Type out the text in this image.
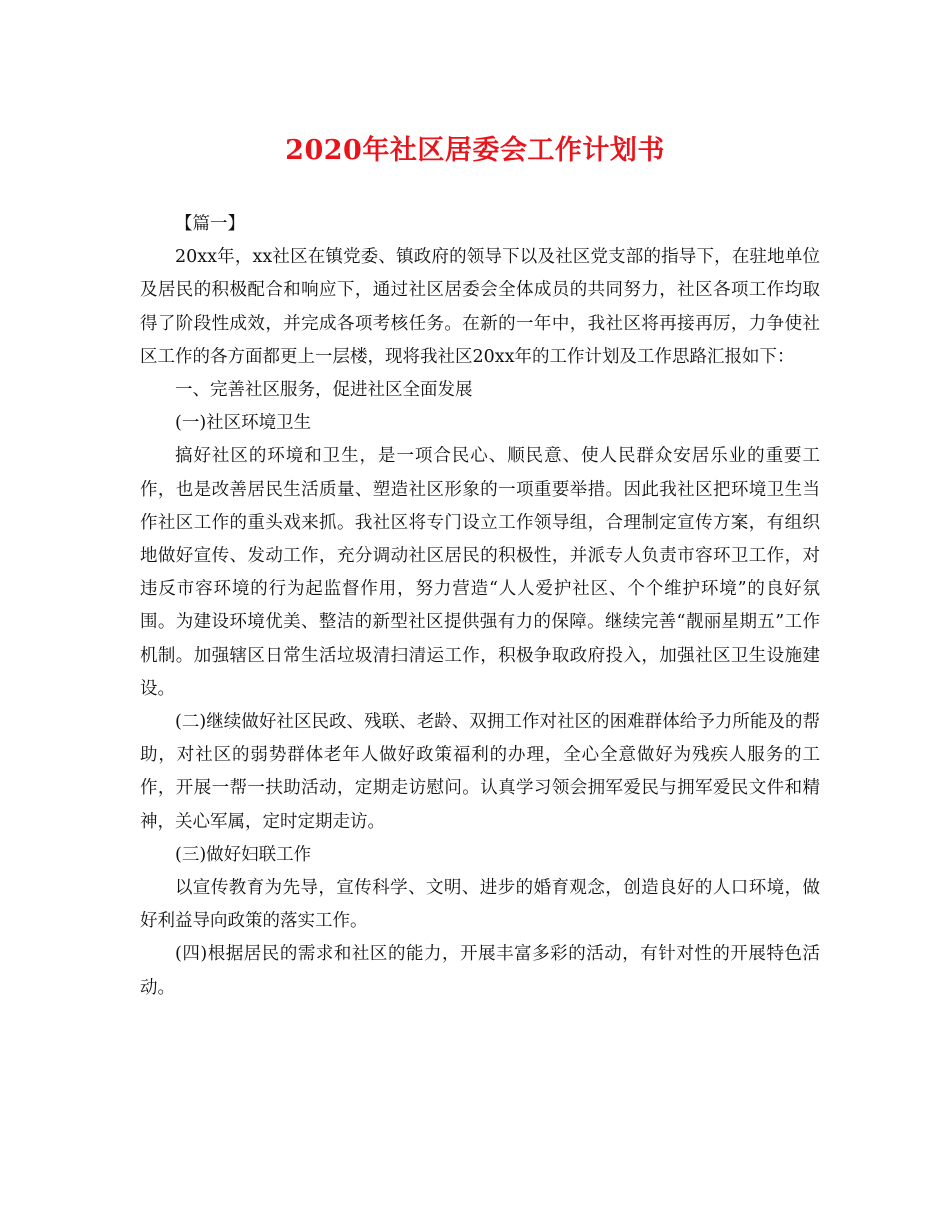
2020年社区居委会工作计划书

【篇一】

20xx年，xx社区在镇党委、镇政府的领导下以及社区党支部的指导下，在驻地单位及居民的积极配合和响应下，通过社区居委会全体成员的共同努力，社区各项工作均取得了阶段性成效，并完成各项考核任务。在新的一年中，我社区将再接再厉，力争使社区工作的各方面都更上一层楼，现将我社区20xx年的工作计划及工作思路汇报如下：

一、完善社区服务，促进社区全面发展

(一)社区环境卫生

搞好社区的环境和卫生，是一项合民心、顺民意、使人民群众安居乐业的重要工作，也是改善居民生活质量、塑造社区形象的一项重要举措。因此我社区把环境卫生当作社区工作的重头戏来抓。我社区将专门设立工作领导组，合理制定宣传方案，有组织地做好宣传、发动工作，充分调动社区居民的积极性，并派专人负责市容环卫工作，对违反市容环境的行为起监督作用，努力营造“人人爱护社区、个个维护环境”的良好氛围。为建设环境优美、整洁的新型社区提供强有力的保障。继续完善“靓丽星期五”工作机制。加强辖区日常生活垃圾清扫清运工作，积极争取政府投入，加强社区卫生设施建设。

(二)继续做好社区民政、残联、老龄、双拥工作对社区的困难群体给予力所能及的帮助，对社区的弱势群体老年人做好政策福利的办理，全心全意做好为残疾人服务的工作，开展一帮一扶助活动，定期走访慰问。认真学习领会拥军爱民与拥军爱民文件和精神，关心军属，定时定期走访。

(三)做好妇联工作

以宣传教育为先导，宣传科学、文明、进步的婚育观念，创造良好的人口环境，做好利益导向政策的落实工作。

(四)根据居民的需求和社区的能力，开展丰富多彩的活动，有针对性的开展特色活动。
